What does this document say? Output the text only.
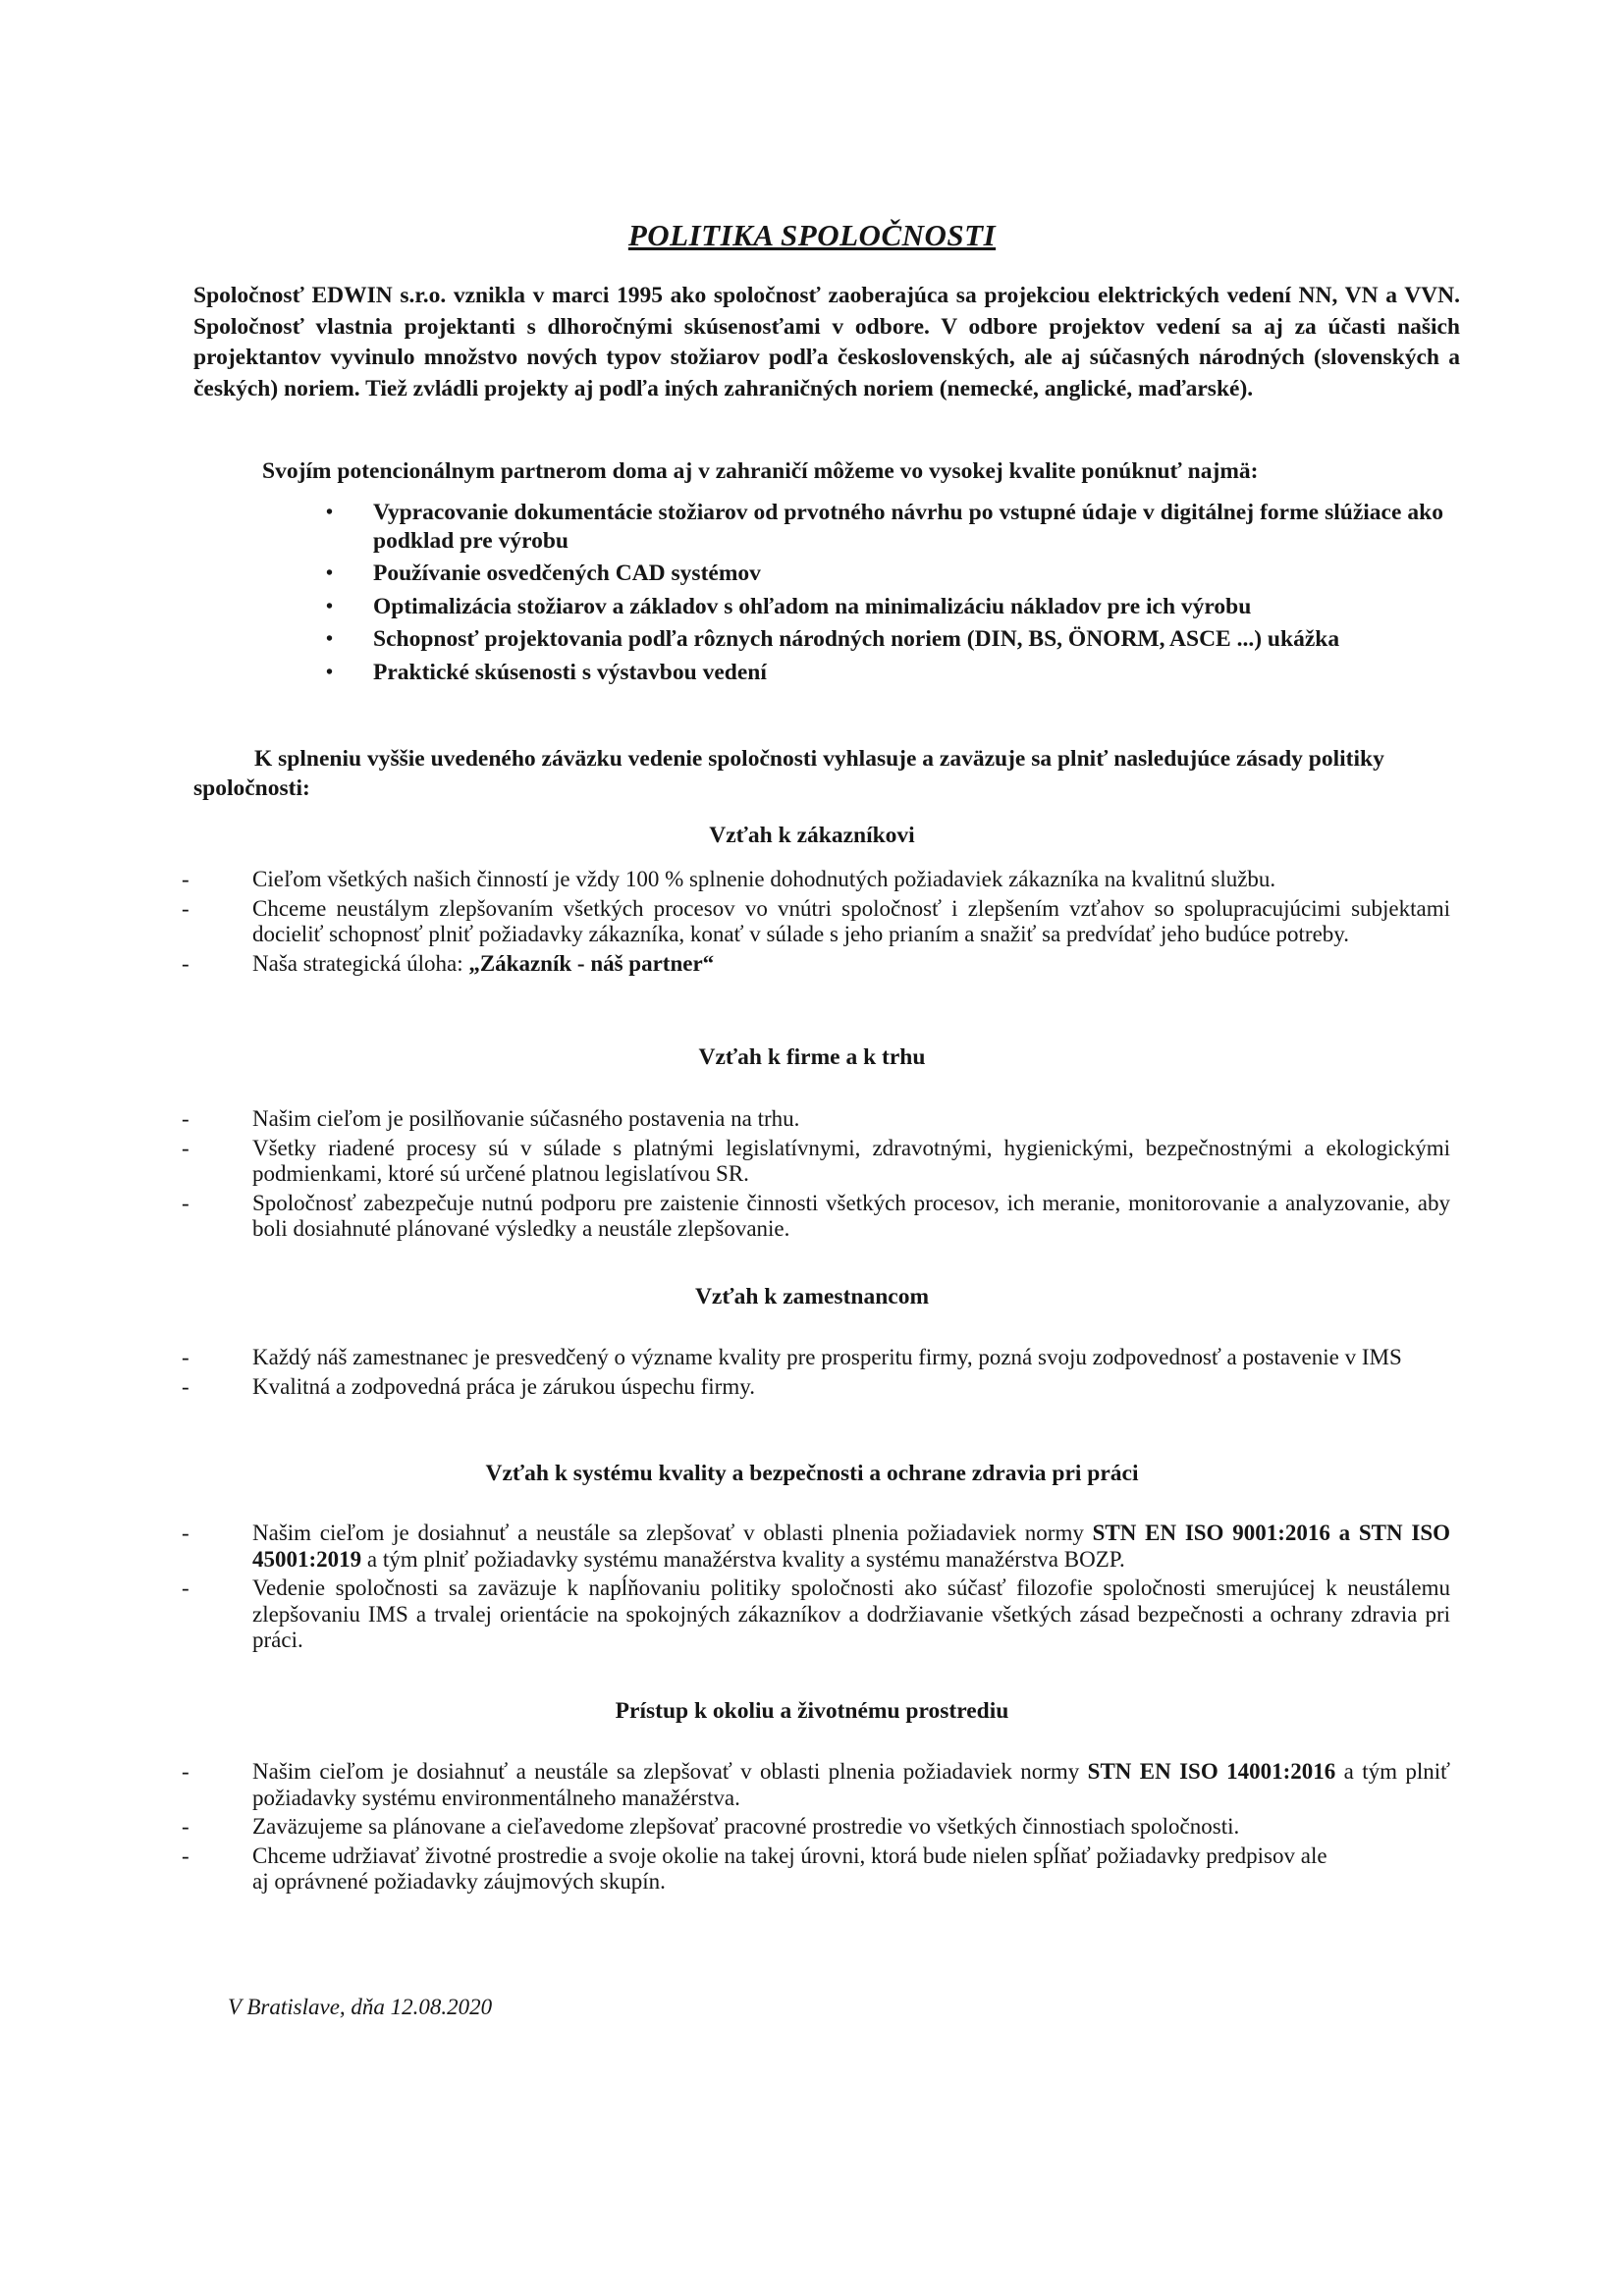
POLITIKA SPOLOČNOSTI

Spoločnosť EDWIN s.r.o. vznikla v marci 1995 ako spoločnosť zaoberajúca sa projekciou elektrických vedení NN, VN a VVN. Spoločnosť vlastnia projektanti s dlhoročnými skúsenosťami v odbore. V odbore projektov vedení sa aj za účasti našich projektantov vyvinulo množstvo nových typov stožiarov podľa československých, ale aj súčasných národných (slovenských a českých) noriem. Tiež zvládli projekty aj podľa iných zahraničných noriem (nemecké, anglické, maďarské).

Svojím potencionálnym partnerom doma aj v zahraničí môžeme vo vysokej kvalite ponúknuť najmä:

• Vypracovanie dokumentácie stožiarov od prvotného návrhu po vstupné údaje v digitálnej forme slúžiace ako podklad pre výrobu
• Používanie osvedčených CAD systémov
• Optimalizácia stožiarov a základov s ohľadom na minimalizáciu nákladov pre ich výrobu
• Schopnosť projektovania podľa rôznych národných noriem (DIN, BS, ÖNORM, ASCE ...) ukážka
• Praktické skúsenosti s výstavbou vedení

K splneniu vyššie uvedeného záväzku vedenie spoločnosti vyhlasuje a zaväzuje sa plniť nasledujúce zásady politiky spoločnosti:

Vzťah k zákazníkovi
-	Cieľom všetkých našich činností je vždy 100 % splnenie dohodnutých požiadaviek zákazníka na kvalitnú službu.
-	Chceme neustálym zlepšovaním všetkých procesov vo vnútri spoločnosť i zlepšením vzťahov so spolupracujúcimi subjektami docieliť schopnosť plniť požiadavky zákazníka, konať v súlade s jeho prianím a snažiť sa predvídať jeho budúce potreby.
-	Naša strategická úloha: „Zákazník - náš partner“
Vzťah k firme a k trhu
-	Našim cieľom je posilňovanie súčasného postavenia na trhu.
-	Všetky riadené procesy sú v súlade s platnými legislatívnymi, zdravotnými, hygienickými, bezpečnostnými a ekologickými podmienkami, ktoré sú určené platnou legislatívou SR.
-	Spoločnosť zabezpečuje nutnú podporu pre zaistenie činnosti všetkých procesov, ich meranie, monitorovanie a analyzovanie, aby boli dosiahnuté plánované výsledky a neustále zlepšovanie.
Vzťah k zamestnancom
-	Každý náš zamestnanec je presvedčený o význame kvality pre prosperitu firmy, pozná svoju zodpovednosť a postavenie v IMS
-	Kvalitná a zodpovedná práca je zárukou úspechu firmy.
Vzťah k systému kvality a bezpečnosti a ochrane zdravia pri práci
-	Našim cieľom je dosiahnuť a neustále sa zlepšovať v oblasti plnenia požiadaviek normy STN EN ISO 9001:2016 a STN ISO 45001:2019 a tým plniť požiadavky systému manažérstva kvality a systému manažérstva BOZP.
-	Vedenie spoločnosti sa zaväzuje k napĺňovaniu politiky spoločnosti ako súčasť filozofie spoločnosti smerujúcej k neustálemu zlepšovaniu IMS a trvalej orientácie na spokojných zákazníkov a dodržiavanie všetkých zásad bezpečnosti a ochrany zdravia pri práci.
Prístup k okoliu a životnému prostrediu
-	Našim cieľom je dosiahnuť a neustále sa zlepšovať v oblasti plnenia požiadaviek normy STN EN ISO 14001:2016 a tým plniť požiadavky systému environmentálneho manažérstva.
-	Zaväzujeme sa plánovane a cieľavedome zlepšovať pracovné prostredie vo všetkých činnostiach spoločnosti.
-	Chceme udržiavať životné prostredie a svoje okolie na takej úrovni, ktorá bude nielen spĺňať požiadavky predpisov ale
aj oprávnené požiadavky záujmových skupín.
V Bratislave, dňa 12.08.2020
